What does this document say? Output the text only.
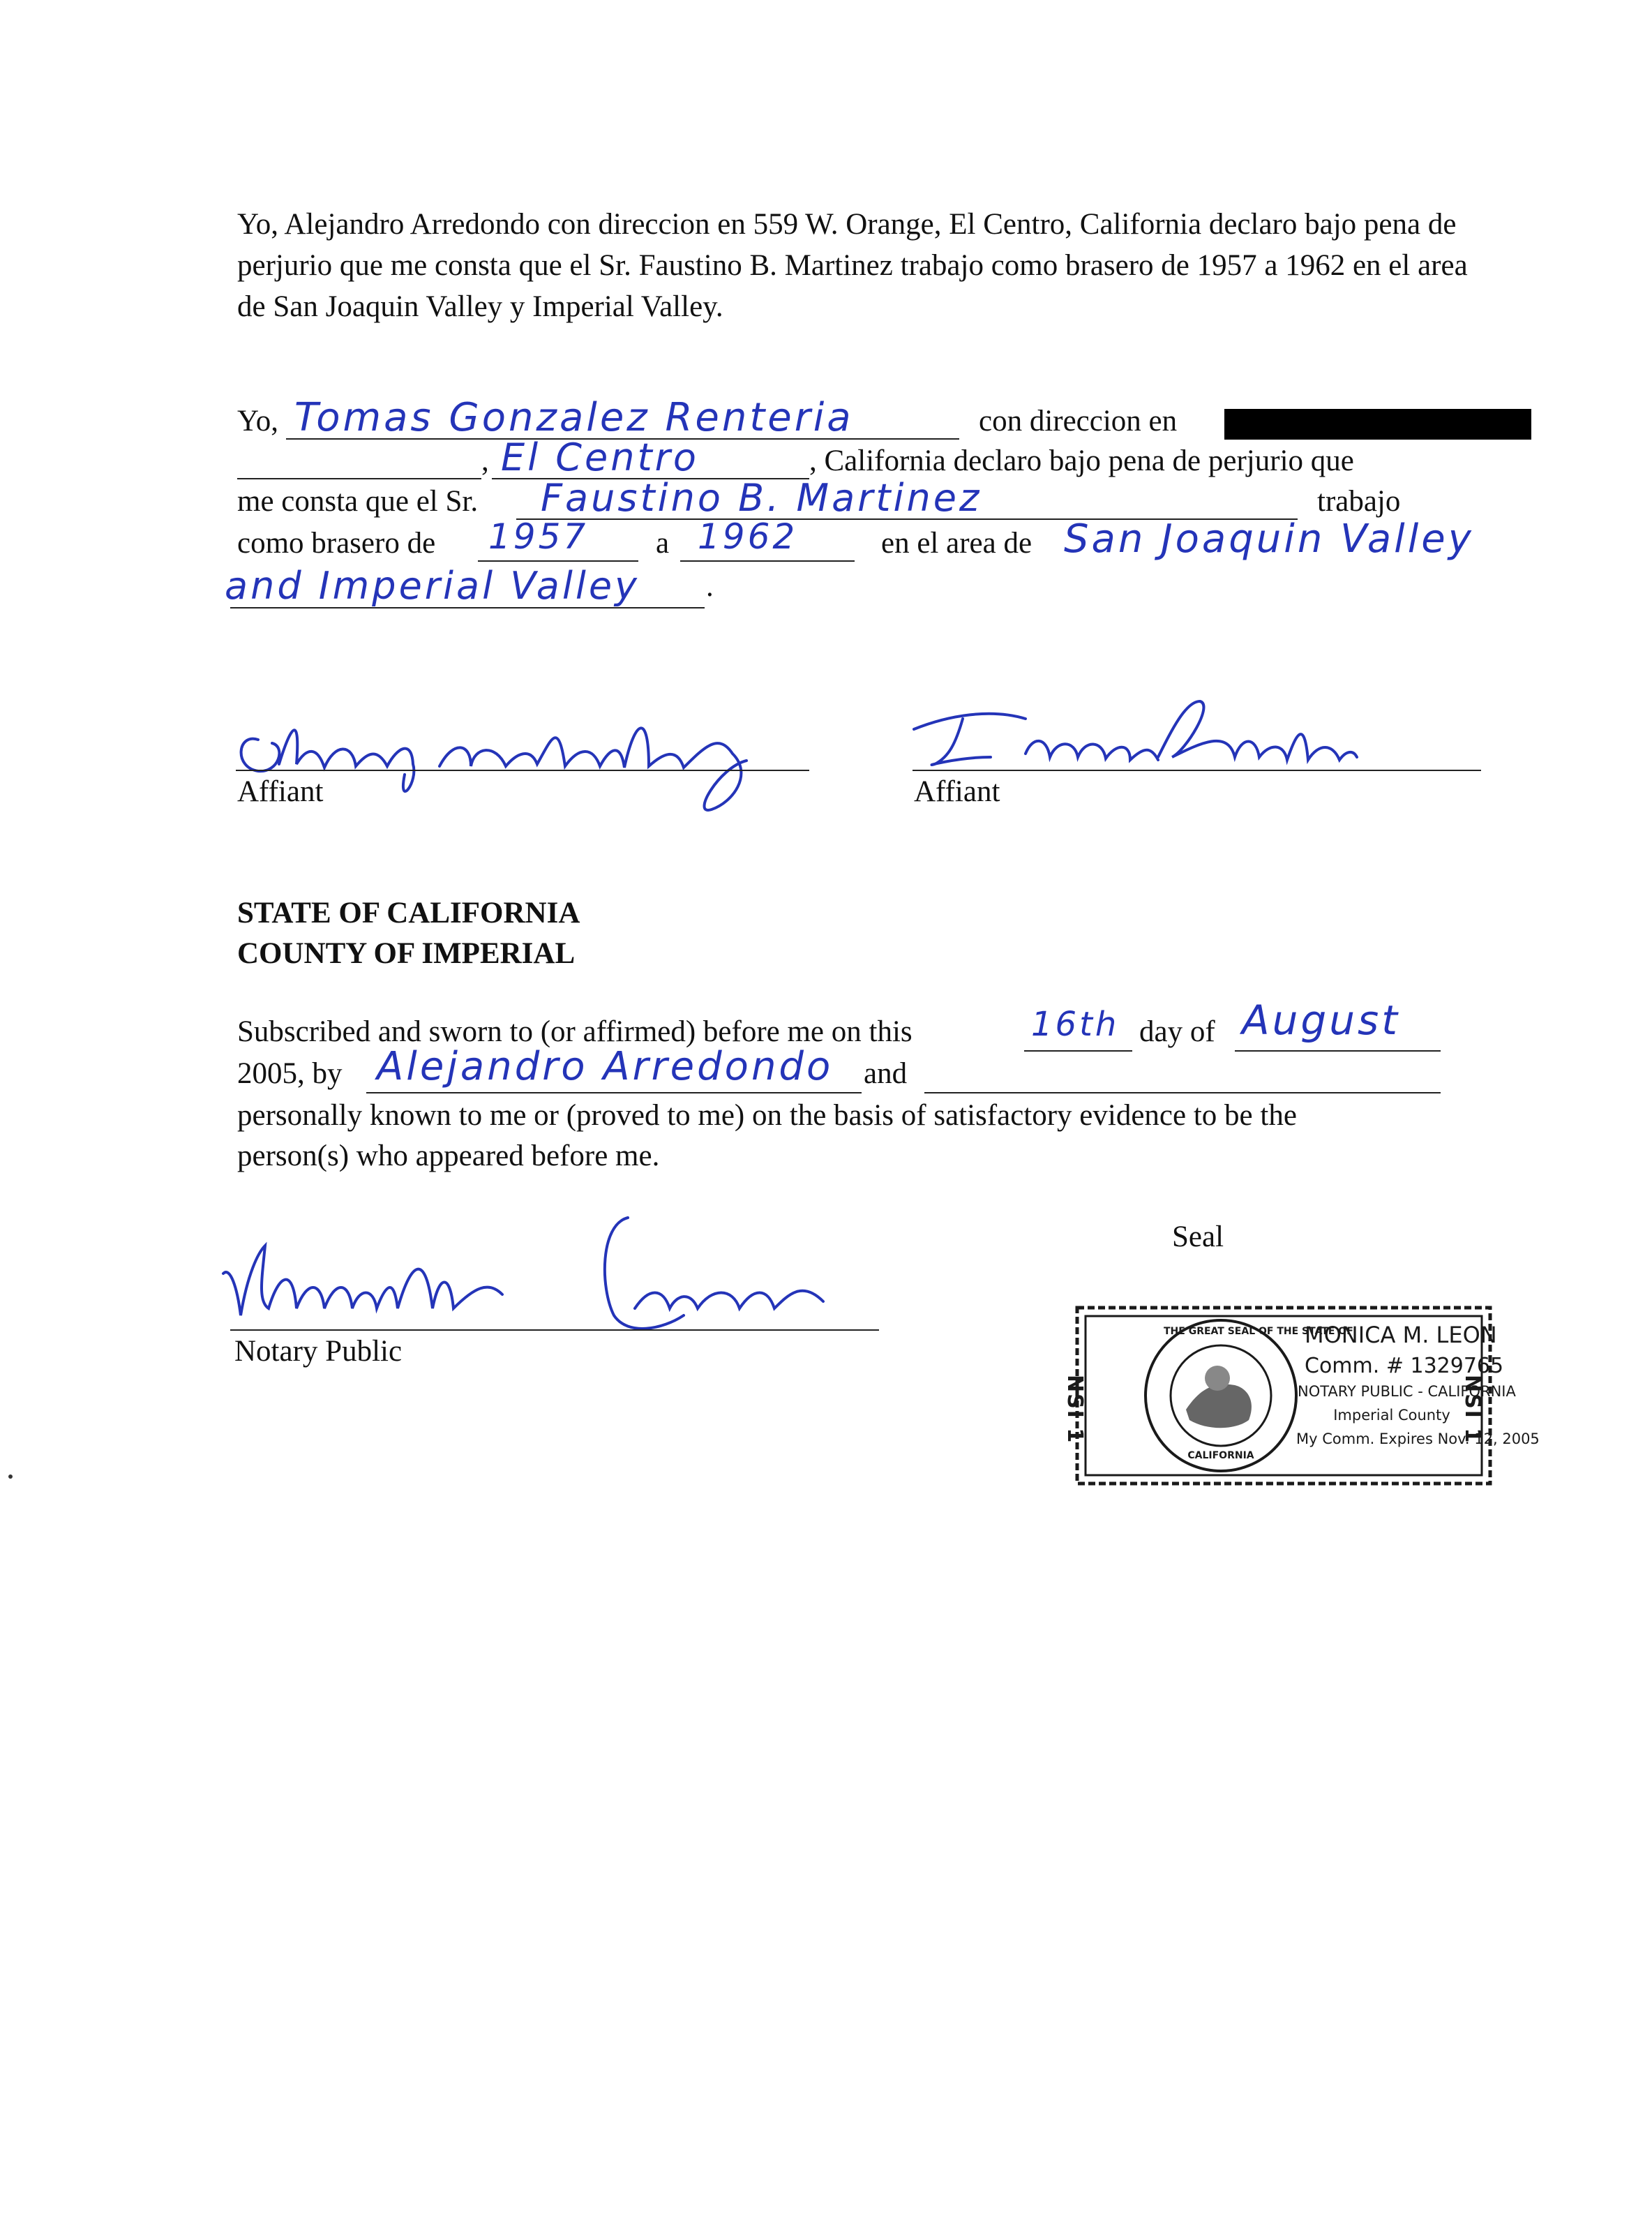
Yo, Alejandro Arredondo con direccion en 559 W. Orange, El Centro, California declaro bajo pena de perjurio que me consta que el Sr. Faustino B. Martinez trabajo como brasero de 1957 a 1962 en el area de San Joaquin Valley y Imperial Valley.
Yo, Tomas Gonzalez Renteria	con direccion en
, El Centro	, California declaro bajo pena de perjurio que
me consta que el Sr. Faustino B. Martinez	trabajo
como brasero de 1957 a 1962	en el area de San Joaquin Valley
and Imperial Valley .
Affiant	Affiant
STATE OF CALIFORNIA
COUNTY OF IMPERIAL
Subscribed and sworn to (or affirmed) before me on this	16th day of August
2005, by Alejandro Arredondo and
personally known to me or (proved to me) on the basis of satisfactory evidence to be the
person(s) who appeared before me.
Seal
Notary Public
NSI 1	NSI 1
THE GREAT SEAL OF THE STATE OF
CALIFORNIA
MONICA M. LEON
Comm. # 1329765
NOTARY PUBLIC - CALIFORNIA
Imperial County
My Comm. Expires Nov. 12, 2005
